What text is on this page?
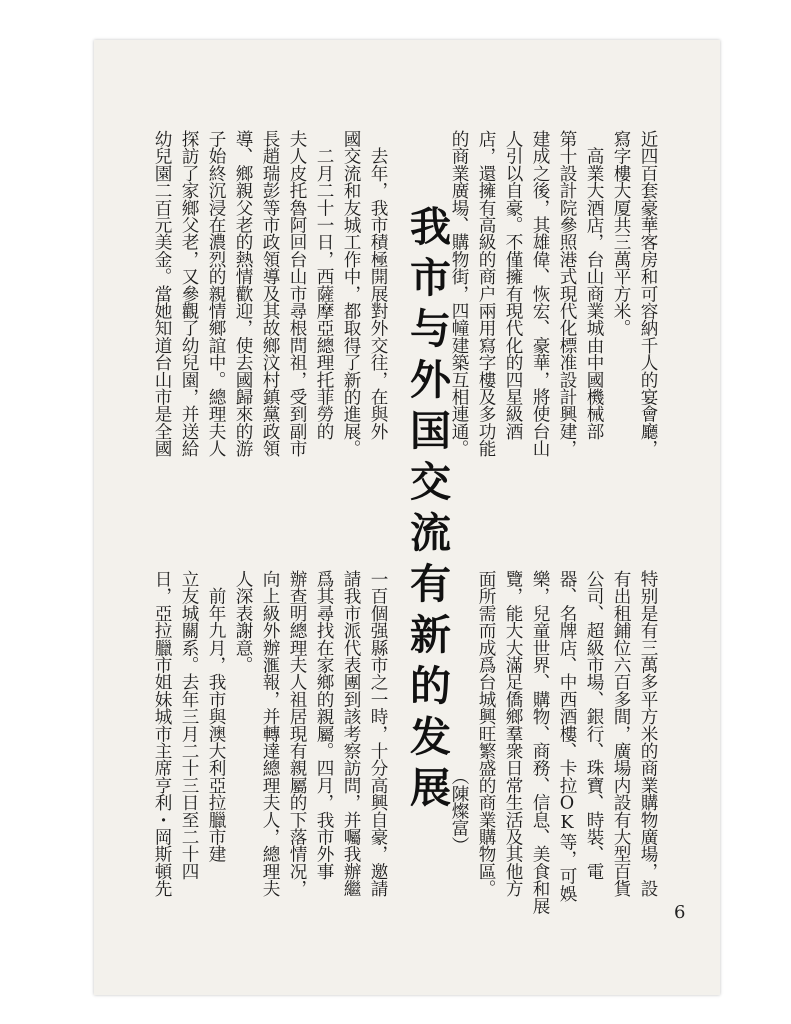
近四百套豪華客房和可容納千人的宴會廳，
寫字樓大厦共三萬平方米。
　高業大酒店，台山商業城由中國機械部
第十設計院參照港式現代化標准設計興建，
建成之後，其雄偉、恢宏、豪華，將使台山
人引以自豪。不僅擁有現代化的四星級酒
店，還擁有高級的商户兩用寫字樓及多功能
的商業廣場、購物街，四幢建築互相連通。
　去年，我市積極開展對外交往，在與外
國交流和友城工作中，都取得了新的進展。
　二月二十一日，西薩摩亞總理托菲勞的
夫人皮托魯阿回台山市尋根問祖，受到副市
長趙瑞彭等市政領導及其故鄉汶村鎮黨政領
導、鄉親父老的熱情歡迎，使去國歸來的游
子始終沉浸在濃烈的親情鄉誼中。總理夫人
探訪了家鄉父老，又參觀了幼兒園，并送給
幼兒園二百元美金。當她知道台山市是全國	我市与外国交流有新的发展	特别是有三萬多平方米的商業購物廣場，設
有出租鋪位六百多間，廣場内設有大型百貨
公司、超級市場、銀行、珠寶、時裝、電
器、名牌店、中西酒樓、卡拉OK等，可娛
樂，兒童世界、購物、商務、信息、美食和展
覽，能大大滿足僑鄉羣衆日常生活及其他方
面所需而成爲台城興旺繁盛的商業購物區。
　　　　　　　　　　　　（陳燦富）
一百個强縣市之一時，十分高興自豪，邀請
請我市派代表團到該考察訪問，并囑我辦繼
爲其尋找在家鄉的親屬。四月，我市外事
辦查明總理夫人祖居現有親屬的下落情况，
向上級外辦滙報，并轉達總理夫人，總理夫
人深表謝意。
　前年九月，我市與澳大利亞拉臘市建
立友城關系。去年三月二十三日至二十四
日，亞拉臘市姐妹城市主席亨利・岡斯頓先
6
